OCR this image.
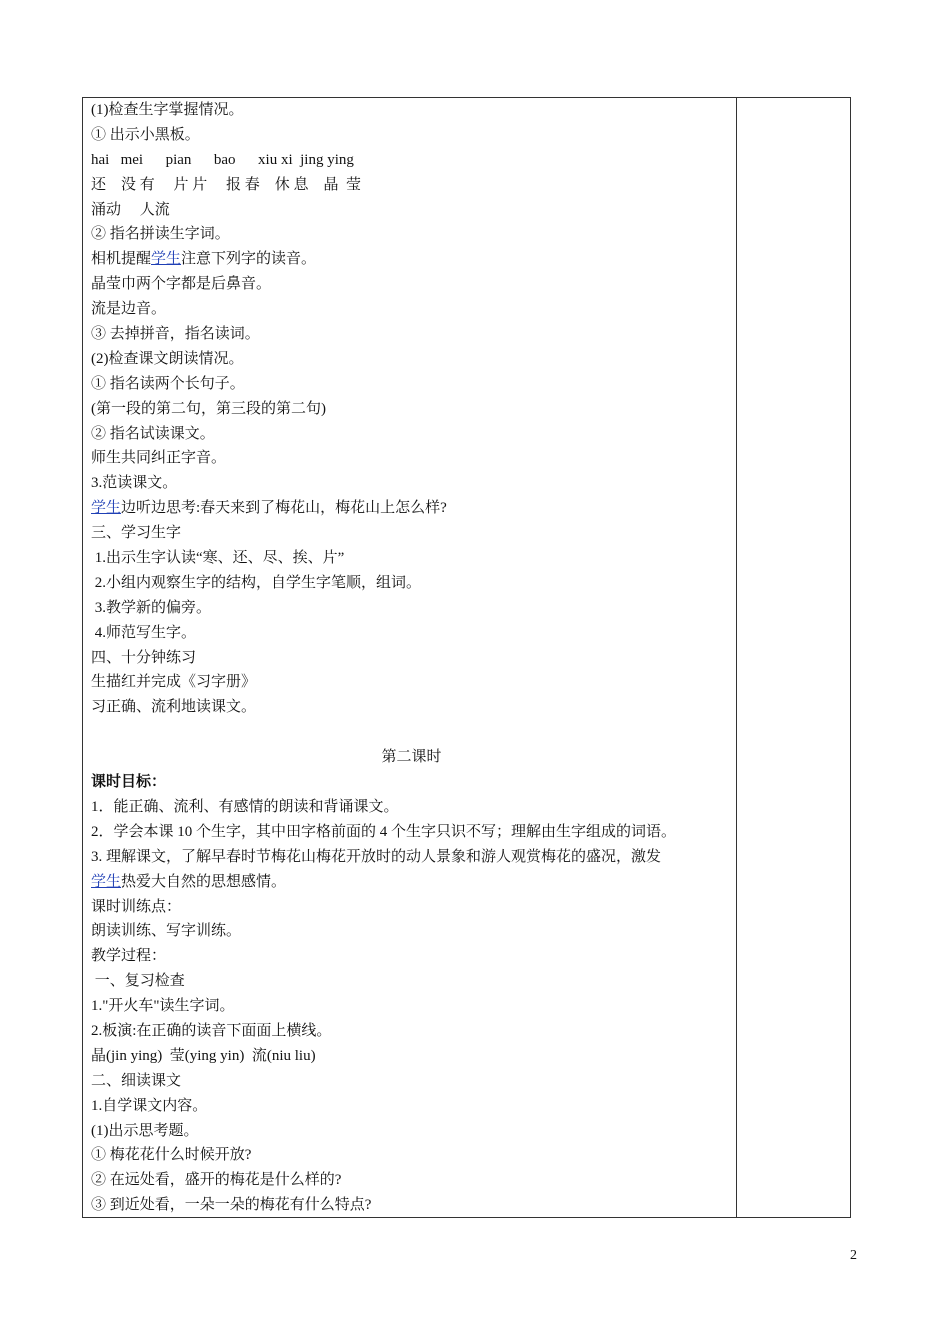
(1)检查生字掌握情况。
① 出示小黑板。
hai   mei      pian      bao      xiu xi  jing ying
还    没 有     片 片     报 春    休 息    晶  莹
涌动     人流
② 指名拼读生字词。
相机提醒学生注意下列字的读音。
晶莹巾两个字都是后鼻音。
流是边音。
③ 去掉拼音，指名读词。
(2)检查课文朗读情况。
① 指名读两个长句子。
(第一段的第二句，第三段的第二句)
② 指名试读课文。
师生共同纠正字音。
3.范读课文。
学生边听边思考:春天来到了梅花山，梅花山上怎么样?
三、学习生字
1.出示生字认读“寒、还、尽、挨、片”
2.小组内观察生字的结构，自学生字笔顺，组词。
3.教学新的偏旁。
4.师范写生字。
四、十分钟练习
生描红并完成《习字册》
习正确、流利地读课文。
第二课时
课时目标：
1．能正确、流利、有感情的朗读和背诵课文。
2．学会本课 10 个生字，其中田字格前面的 4 个生字只识不写；理解由生字组成的词语。
3. 理解课文，了解早春时节梅花山梅花开放时的动人景象和游人观赏梅花的盛况，激发
学生热爱大自然的思想感情。
课时训练点：
朗读训练、写字训练。
教学过程：
一、复习检查
1."开火车"读生字词。
2.板演:在正确的读音下面面上横线。
晶(jin ying)  莹(ying yin)  流(niu liu)
二、细读课文
1.自学课文内容。
(1)出示思考题。
① 梅花花什么时候开放?
② 在远处看，盛开的梅花是什么样的?
③ 到近处看，一朵一朵的梅花有什么特点?
2
